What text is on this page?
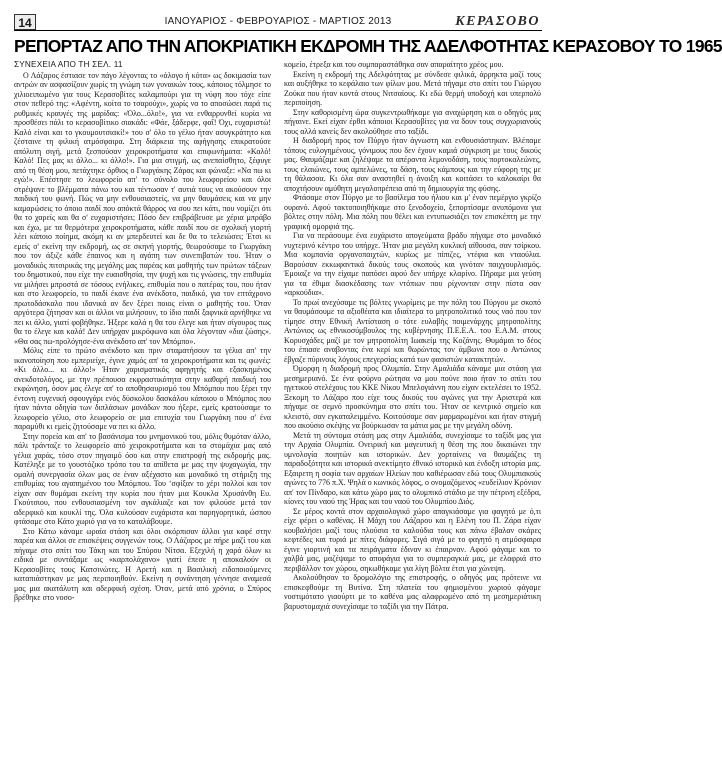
14	ΙΑΝΟΥΑΡΙΟΣ - ΦΕΒΡΟΥΑΡΙΟΣ - ΜΑΡΤΙΟΣ 2013	ΚΕΡΑΣΟΒΟ
ΡΕΠΟΡΤΑΖ ΑΠΟ ΤΗΝ ΑΠΟΚΡΙΑΤΙΚΗ ΕΚΔΡΟΜΗ ΤΗΣ ΑΔΕΛΦΟΤΗΤΑΣ ΚΕΡΑΣΟΒΟΥ ΤΟ 1965
ΣΥΝΕΧΕΙΑ ΑΠΟ ΤΗ ΣΕΛ. 11

Ο Λάζαρος έστιασε τον πάγο λέγοντας το «άλογο ή κότα» ως δοκιμασία των αντρών αν ασφασίζουν χωρίς τη γνώμη των γυναικών τους, κάποιος τόλμησε το χιλιοειπωμένο για τους Κερασοβίτες καλαμπούρι για τη νύφη που τόχε είπε στον πεθερό της: «Αφέντη, κοίτα το τσαρούχι», χωρίς να το αποσώσει παρά τις ρυθμικές κραυγές της μαρίδας: «Όλο...όλο!», για να ενθαρρυνθεί κυρία να προσθέσει πάλι το κερασοβίτικο σιακάδι: «Φάε, ξάδερφε, φαΐ! Όχι, ευχαριστώ! Καλό είναι και το γκουμουτσιακί!» του σ' όλο το γέλιο ήταν ασυγκράτητο και ζέσταινε τη φιλική ατμόσφαιρα. Στη διάρκεια της αφήγησης επικρατούσε απόλυτη σιγή, μετά ξεσπούσαν χειροκροτήματα και επιφωνήματα: «Καλό! Καλό! Πες μας κι άλλο... κι άλλο!». Για μια στιγμή, ως ανεπαίσθητο, ξέφυγε από τη θέση μου, πετάχτηκε όρθιος ο Γιωργάκης Ζάρας και φώναξε: «Να πω κι εγώ!». Επέστησε το λεωφορείο απ' το σύνολο του λεωφορείου και όλοι στρέψανε το βλέμματα πάνω του και τέντωσαν τ' αυτιά τους να ακούσουν την παιδική του φωνή. Πώς να μην ενθουσιαστείς, να μην θαυμάσεις και να μην καμαρώσεις το όποιο παιδί που απόκτά θάρρος να σου πει κάτι, που νομίζει ότι θα το χαρείς και θα σ' ευχαριστήσει; Πόσο δεν επιβράβευσε με χέρια μπράβο και έχω, με τα θερμότερα χειροκροτήματα, κάθε παιδί που σε σχολική γιορτή λέει κάποιο ποίημα, ακόμη κι αν μπερδευτεί και δε θα το τελειώσει; Έτσι κι εμείς σ' εκείνη την εκδρομή, ως σε σκηνή γιορτής, θεωρούσαμε το Γιωργάκη που τον άξιζε κάθε έπαινος και η αγάπη των συνεπιβατών του. Ήταν ο μοναδικός πιτσιρικάς της μεγάλης μας παρέας και μαθητής των πρώτων τάξεων του δημοτικού, που είχε την ευαισθησία, την ψυχή και τις γνώσεις, την επιθυμία να μιλήσει μπροστά σε τόσους ενήλικες, επιθυμία που ο πατέρας του, που ήταν και στο λεωφορείο, το παιδί έκανε ένα ανέκδοτο, παιδικό, για τον επτάχρονο πρωτοδάσκαλο που ιδανικά αν δεν ξέρει ποιος είναι ο μαθητής του. Όταν αργότερα ζήτησαν και οι άλλοι να μιλήσουν, το ίδιο παιδί ξαφνικά αρνήθηκε να πει κι άλλο, γιατί φοβήθηκε. Ήξερε καλά η θα του έλεγε και ήταν σίγουρος πως θα το έλεγε και καλά! Δεν υπήρχαν μικρόφωνα και όλα λέγονταν «δια ζώσης». «Θα σας πω-προλόγησε-ένα ανέκδοτο απ' τον Μπόμπο».

Μόλις είπε το πρώτο ανέκδοτο και πριν σταματήσουν τα γέλια απ' την ικανοποίηση που εμπεριείχε, έγινε χαμός απ' τα χειροκροτήματα και τις φωνές: «Κι άλλο... κι άλλο!» Ήταν χαρισματικός αφηγητής και εξασκημένος ανεκδοτολόγος, με την πρέπουσα εκφραστικότητα στην καθαρή παιδική του εκφώνηση, όσον μας έλεγε απ' το αποθησαυρισμό του Μπόμπου που ξέρει την έντονη ευγενική σφουγγάρι ενός δύσκολου δασκάλου κάποιου ο Μπόμπος που ήταν πάντα οδηγία των διπλάσιων μονάδων που ήξερε, εμείς κρατούσαμε το λεωφορείο γέλιο, στο λεωφορείο σε μια επιτυχία του Γιωργάκη που σ' ένα παραμύθι κι εμείς ζητούσαμε να πει κι άλλο.

Στην πορεία και απ' το βασάνισμα του μνημονικού του, μόλις θυμόταν άλλο, πάλι τράνταζε το λεωφορείο από χειροκροτήματα και τα στομάχια μας από γέλια χαράς, τόσο στον πηγαιμό όσο και στην επιστροφή της εκδρομής μας. Κατέληξε με το γουστόζικο τρόπο του τα απίθετα με μας την ψυχαγωγία, την ομαλή συνεργασία όλων μας σε έναν αξέχαστο και μοναδικό τη στήριξη της επιθυμίας του αγαπημένου του Μπόμπου. Του ‘σφίξαν το χέρι πολλοί και τον είχαν σαν θυμάμαι εκείνη την κυρία που ήταν μια Κουκλα Χρυσάνθη Ευ. Γκούτσιου, που ενθουσιασμένη τον αγκάλιαζε και τον φιλούσε μετά τον αδερφικό και κουκλί της. Όλα κυλούσαν ευχάριστα και παρηγορητικά, ώσπου φτάσαμε στο Κάτο χωριό για να το καταλάβουμε.

Στο Κάτω κάναμε ωραία στάση και όλοι σκόρπισαν άλλοι για καφέ στην παρέα και άλλοι σε επισκέψεις συγγενών τους. Ο Λάζαρος με πήρε μαζί του και πήγαμε στο σπίτι του Τάκη και του Σπύρου Νίτσα. Εξεχιλή η χαρά όλων κι ειδικά με συντάξαμε ως «καρπολάχανο» γιατί έπεσε η αποκαλούν οι Κερασοβίτες τους Κατσινώτες. Η Αρετή και η Βασιλική ειδοποιούμενες καταπιάστηκαν με μας περιποιηθούν. Εκείνη η συνάντηση γέννησε αναμεσά μας μια ακατάλυτη και αδερφική σχέση. Όταν, μετά από χρόνια, ο Σπύρος βρέθηκε στο νοσο-

κομείο, έτρεξα και του συμπαραστάθηκα σαν απαραίτητο χρέος μου.

Εκείνη η εκδρομή της Αδελφότητας με σύνδεσε φιλικά, άρρηκτα μαζί τους και αυξήθηκε το κεφάλαιο των φίλων μου. Μετά πήγαμε στο σπίτι του Γιώργου Ζούκα που ήταν κοντά στους Νιτσαίους. Κι εδώ θερμή υποδοχή και υπερπολύ περιποίηση.

Στην καθορισμένη ώρα συγκεντρωθήκαμε για αναχώρηση και ο οδηγός μας πήγαινε. Εκεί είχαν έρθει κάποιοι Κερασοβίτες για να δουν τους συγχωριανούς τους αλλά κανείς δεν ακολούθησε στο ταξίδι.

Η διαδρομή προς τον Πύργο ήταν άγνωστη και ενθουσιάστηκαν. Βλέπαμε τόπους ευλογημένους, γόνιμους που δεν έχουν καμιά σύγκριση με τους δικούς μας. Θαυμάζαμε και ζηλέψαμε τα απέραντα λεμονοδάση, τους πορτοκαλεώνες, τους ελαιώνες, τους αμπελώνες, τα δάση, τους κάμπους και την εύφορη της με τη θάλασσα. Κι όλα σαν αναστηθεί η άνοιξη και κοιτάσει το καλοκαίρι θα αποχτήσουν αμύθητη μεγαλοπρέπεια από τη δημιουργία της φύσης.

Φτάσαμε στον Πύργο με το βασίλεμα του ήλιου και μ' έναν πεμέργιο γκρίζο ουρανό. Αφού τακτοποιηθήκαμε στο ξενοδοχείο, ξεπορτίσαμε ανυπόμονα για βόλτες στην πόλη. Μια πόλη που θέλει και εντυπωσιάζει τον επισκέπτη με την γραφική ομορφιά της.

Για να περάσουμε ένα ευχάριστο απογεύματα βράδυ πήγαμε στο μοναδικό νυχτερινό κέντρο του υπήρχε. Ήταν μια μεγάλη κυκλική αίθουσα, σαν τσίρκου. Μια κομπανία οργανοπαιχτών, κυρίως με πίπιζες, ντέφια και νταούλια. Βαρούσαν εκκωφαντικά δικούς τους σκοπούς και γινόταν παιχγουρλισμός. Έμοιαζε να την είχαμε παπόσει αφού δεν υπήρχε κλαρίνο. Πήραμε μια γεύση για τα έθιμα διασκέδασης των ντόπιων που ρίχνονταν στην πίστα σαν «αρκούδια».

Το πρωί ανεχύσαμε τις βόλτες γνωρίμεις με την πόλη του Πύργου με σκοπό να θαυμάσουμε τα αξιοθέατα και ιδιαίτερα το μητροπολιτικό τους ναό που τον τίμησε στην Εθνική Αντίσταση ο τότε ευλαβής ποιμενάρχης μητροπολίτης Αντώνιος ως εθνικοσύμβουλος της κυβέρνησης Π.Ε.Ε.Α. του Ε.Α.Μ. στους Κορυσχάδες μαζί με τον μητροπολίτη Ιωακείμ της Κοζάνης. Θυμάμαι το δέος του έπιασε αναβοντας ένα κερί και θωρώντας τον άμβωνα που ο Αντώνιος έβγαζε πύρινους λόγους επεγερσίας κατά των φασιστών κατακτητών.

Όμορφη η διαδρομή προς Ολυμπία. Στην Αμαλιάδα κάναμε μια στάση για μεσημεριανό. Σε ένα φούρνο ρώτησα να μου πούνε ποιο ήταν το σπίτι του ηγετικού στελέχους του ΚΚΕ Νίκου Μπελογιάννη που είχαν εκτελέσει το 1952. Ξεκομη το Λάζαρο που είχε τους δικούς του αγώνες για την Αριστερά και πήγαμε σε σεμνό προσκύνημα στο σπίτι του. Ήταν σε κεντρικό σημείο και κλειστό, σαν εγκαταλειμμένο. Κοιτούσαμε σαν μαρμαρωμένοι και ήταν στιγμή που ακούσιο σκέψης να βούρκωσαν τα μάτια μας με την μεγάλη οδύνη.

Μετά τη σύντομα στάση μας στην Αμαλιάδα, συνεχίσαμε το ταξίδι μας για την Αρχαία Ολυμπία. Ονειρική και μαγευτική η θέση της που δικαιώνει την υμνολογία ποιητών και ιστορικών. Δεν χορταίνεις να θαυμάζεις τη παραδοξότητα και ιστορικά ανεκτίμητο έθνικό ιστορικό και ένδοξη ιστορία μας. Εξαιρετη η σοφία των αρχαίων Ηλείων που καθιέρωσαν εδώ τους Ολυμπιακούς αγώνες το 776 π.Χ. Ψηλά ο κωνικός λόφος, ο ονομαζόμενος «ευδείλιον Κρόνιον απ' τον Πίνδαρο, και κάτω χώρο μας το ολυμπικό στάδιο με την πέτρινη εξέδρα, κίονες του ναού της Ήρας και του ναού του Ολυμπίου Διός.

Σε μέρος κοντά στον αρχαιολογικό χώρο απαγκιάσαμε για φαγητό με ό,τι είχε φέρει ο καθένας. Η Μάχη του Λάζαρου και η Ελένη του Π. Ζάρα είχαν κουβαλήσει μαζί τους πλούσια τα καλούδια τους και πάνω έβαλαν σκάρες κεφτέδες και τυριά με πίτες διάφορες. Σιγά σιγά με το φαγητό η ατμόσφαιρα έγινε γιορτινή και τα πειράγματα έδιναν κι έπαιρναν. Αφού φάγαμε και το χαλβά μας, μαζέψαμε το αποφάγια για το συμπεραγκιά μας, με ελαφριά στο περιβάλλον τον χώρου, σηκωθήκαμε για λίγη βόλτα έτσι για χώνεψη.

Ακολούθησαν το δρομολόγιο της επιστροφής, ο οδηγός μας πρότεινε να επισκεφθούμε τη Βυτίνα. Στη πλατεία του φημισμένου χωριού φάγαμε νοστιμότατο γιαούρτι με το καθένα μας αλαφρωμένο από τη μεσημεριάτικη βαρυστομαχιά συνεχίσαμε το ταξίδι για την Πάτρα.
